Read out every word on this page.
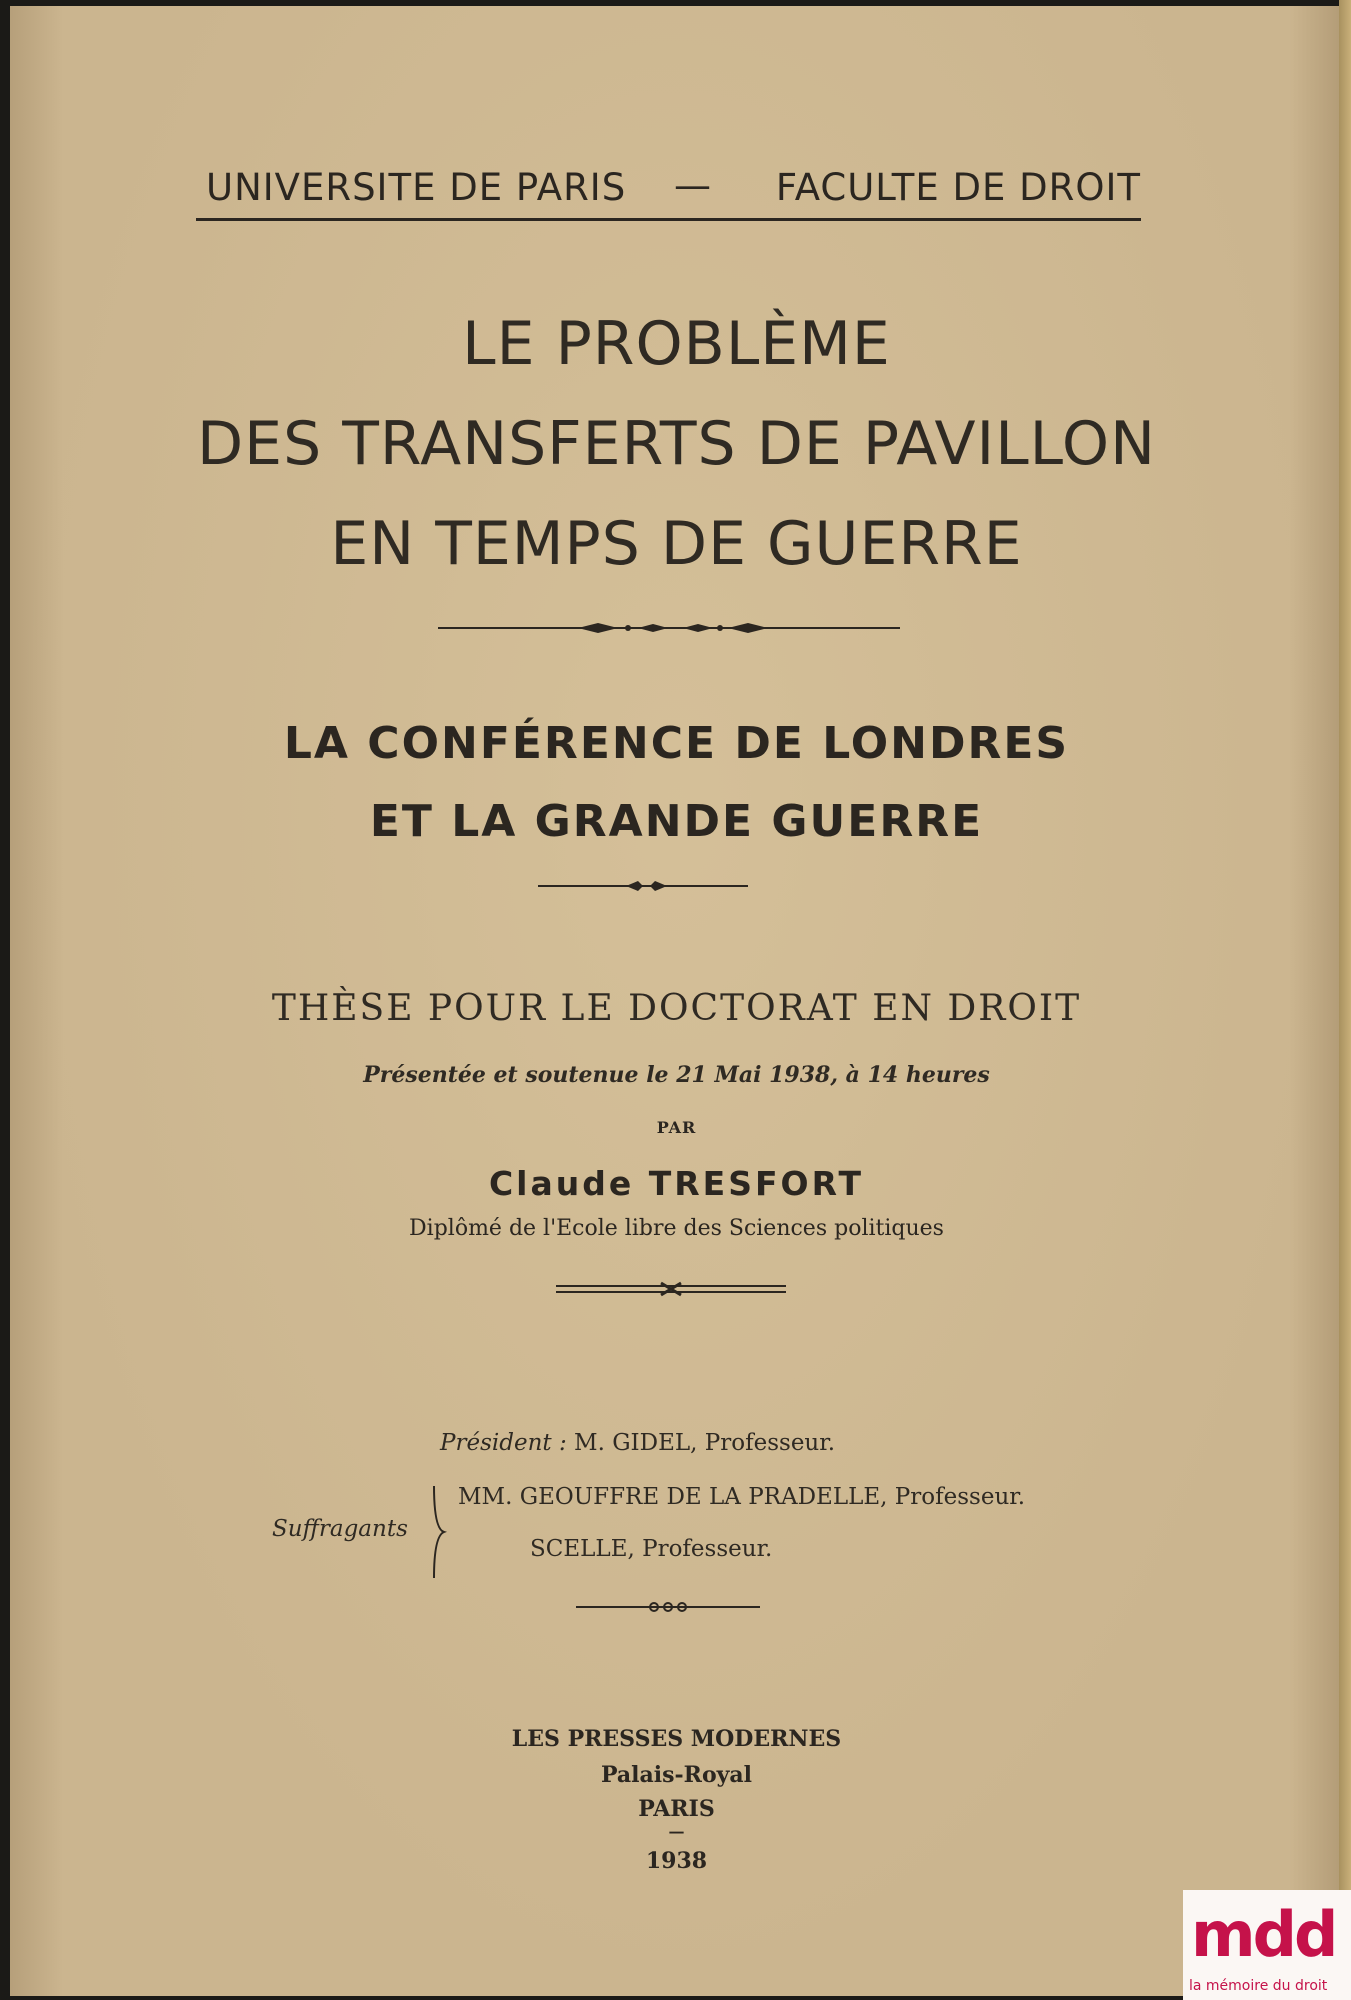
UNIVERSITE DE PARIS — FACULTE DE DROIT
LE PROBLÈME
DES TRANSFERTS DE PAVILLON
EN TEMPS DE GUERRE
LA CONFÉRENCE DE LONDRES
ET LA GRANDE GUERRE
THÈSE POUR LE DOCTORAT EN DROIT
Présentée et soutenue le 21 Mai 1938, à 14 heures
PAR
Claude TRESFORT
Diplômé de l'Ecole libre des Sciences politiques
Président : M. GIDEL, Professeur.
Suffragants
MM. GEOUFFRE DE LA PRADELLE, Professeur.
SCELLE, Professeur.
LES PRESSES MODERNES
Palais-Royal
PARIS
—
1938
mdd
la mémoire du droit
